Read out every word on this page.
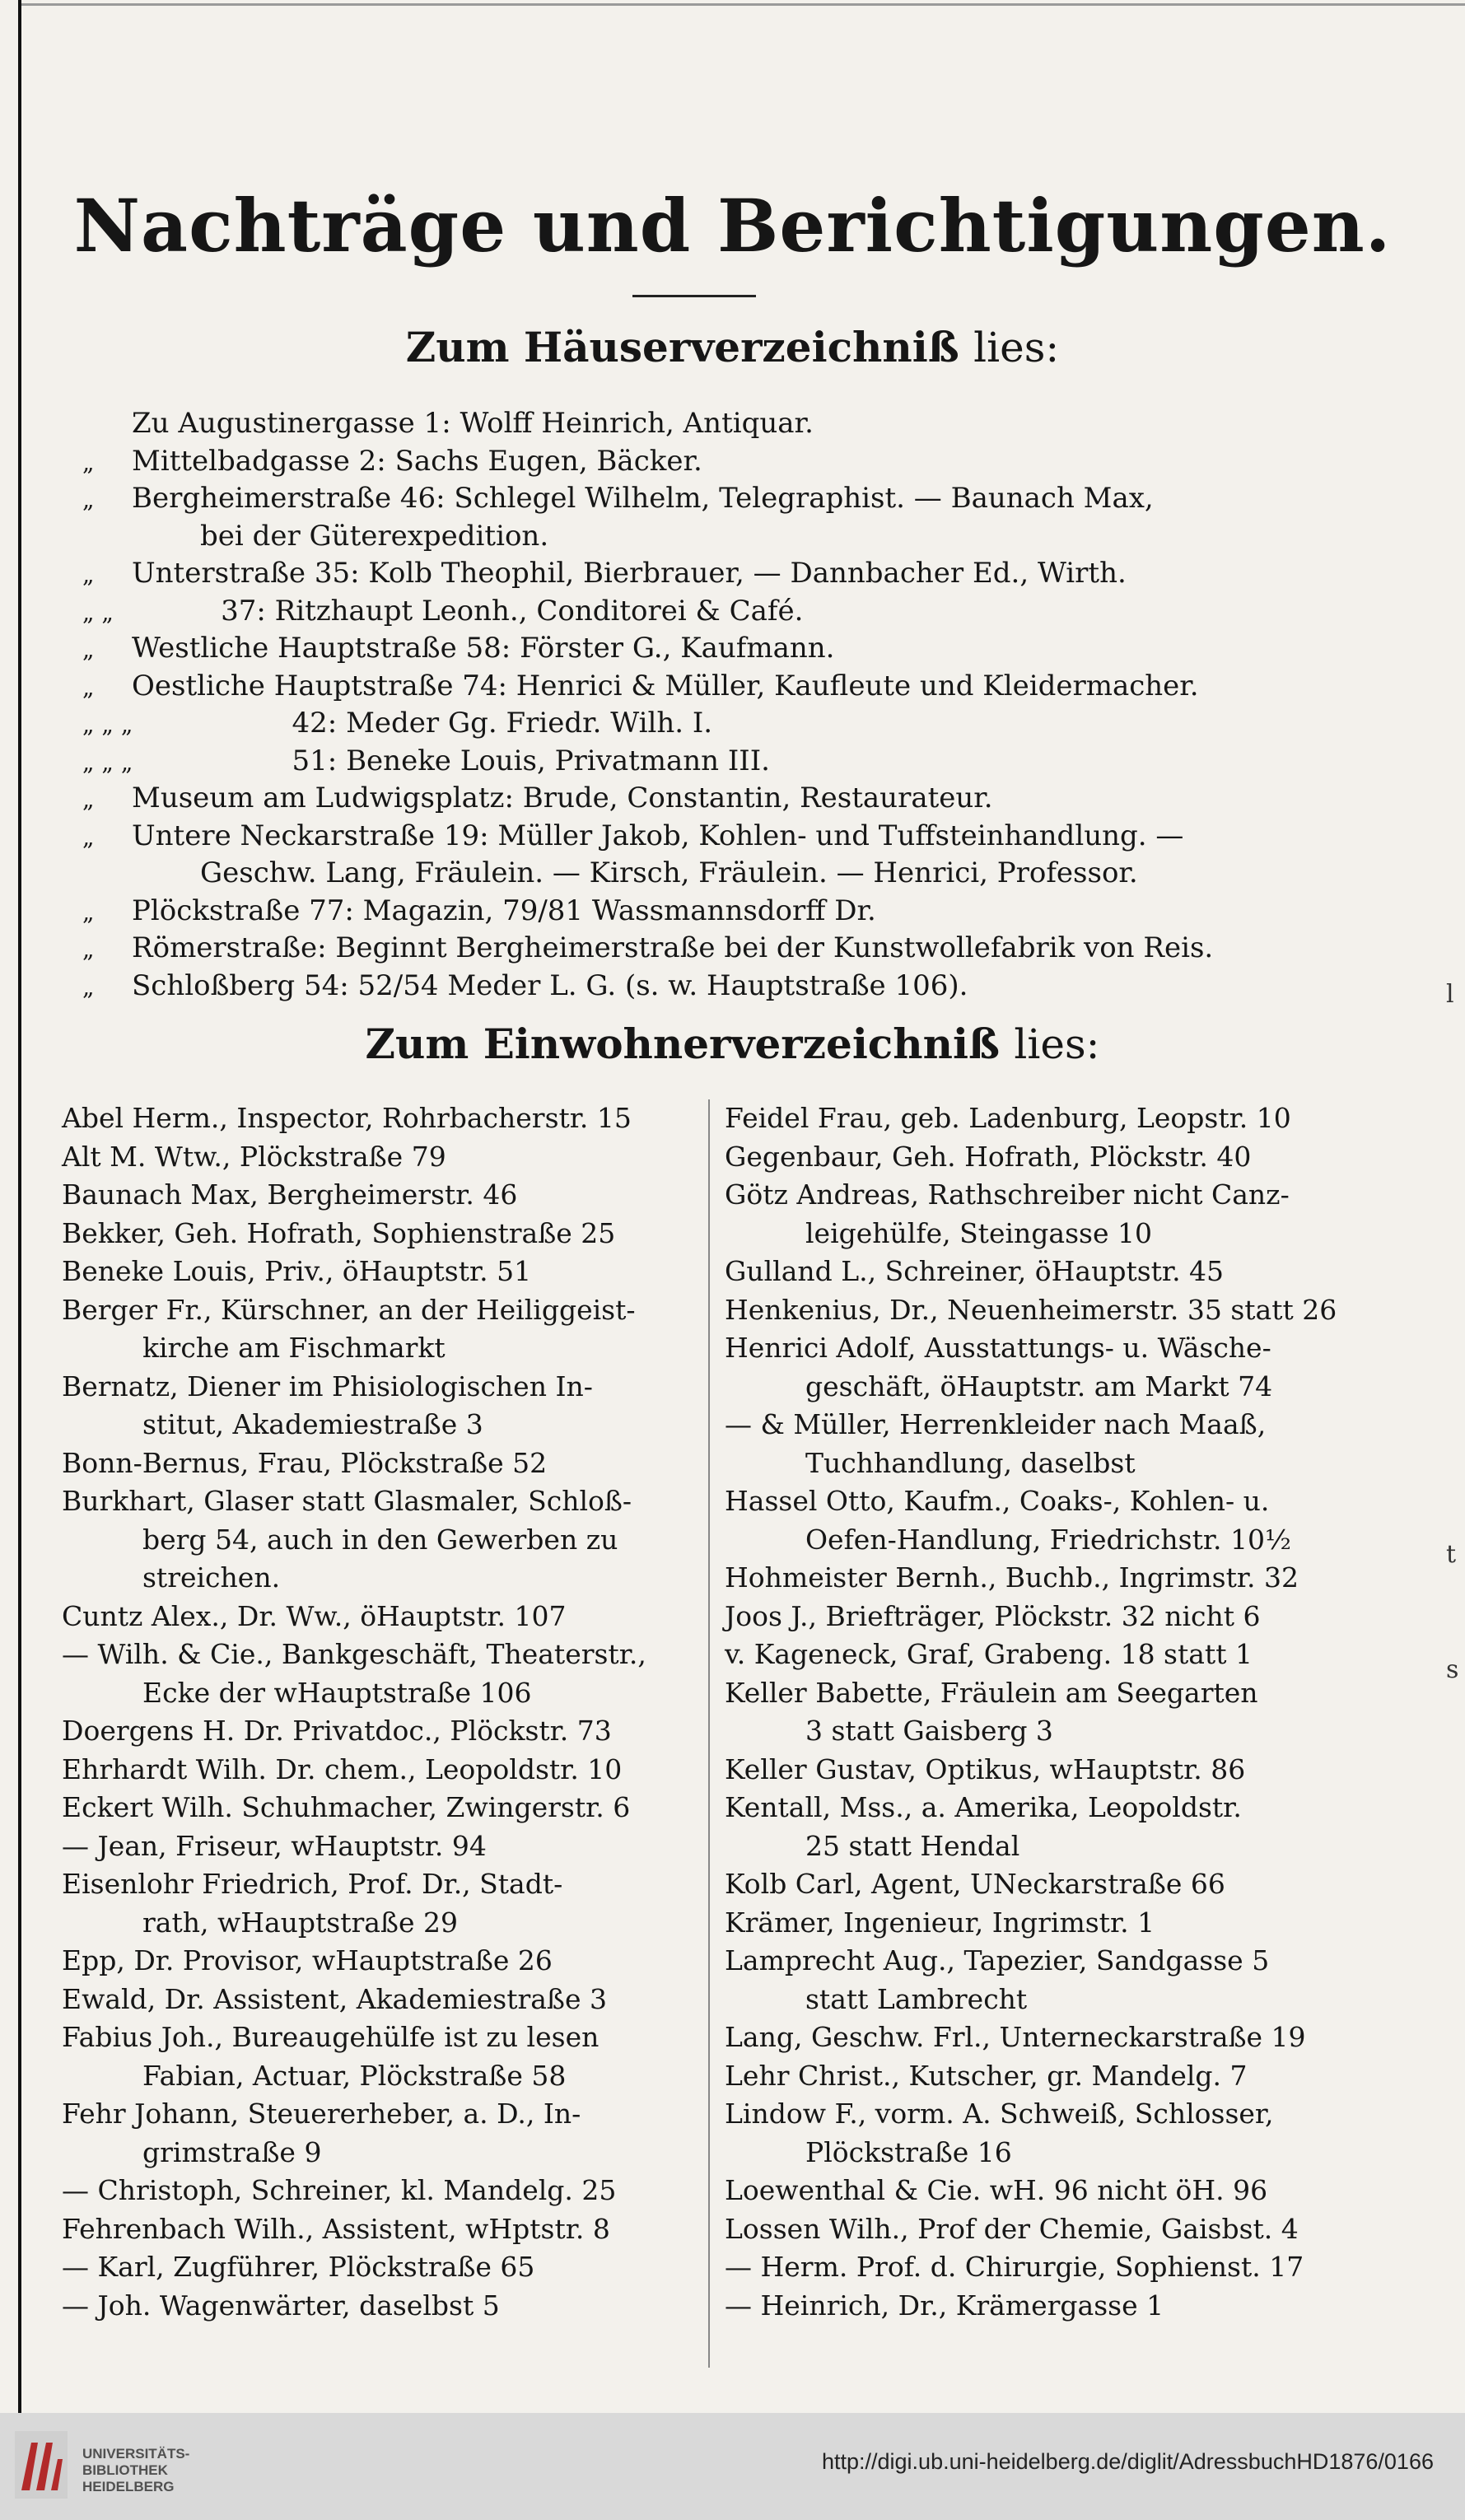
Nachträge und Berichtigungen.
Zum Häuserverzeichniß lies:
Zu Augustinergasse 1: Wolff Heinrich, Antiquar.
„ Mittelbadgasse 2: Sachs Eugen, Bäcker.
„ Bergheimerstraße 46: Schlegel Wilhelm, Telegraphist. — Baunach Max,
bei der Güterexpedition.
„ Unterstraße 35: Kolb Theophil, Bierbrauer, — Dannbacher Ed., Wirth.
„ „          37: Ritzhaupt Leonh., Conditorei & Café.
„ Westliche Hauptstraße 58: Förster G., Kaufmann.
„ Oestliche Hauptstraße 74: Henrici & Müller, Kaufleute und Kleidermacher.
„ „ „                  42: Meder Gg. Friedr. Wilh. I.
„ „ „                  51: Beneke Louis, Privatmann III.
„ Museum am Ludwigsplatz: Brude, Constantin, Restaurateur.
„ Untere Neckarstraße 19: Müller Jakob, Kohlen- und Tuffsteinhandlung. —
Geschw. Lang, Fräulein. — Kirsch, Fräulein. — Henrici, Professor.
„ Plöckstraße 77: Magazin, 79/81 Wassmannsdorff Dr.
„ Römerstraße: Beginnt Bergheimerstraße bei der Kunstwollefabrik von Reis.
„ Schloßberg 54: 52/54 Meder L. G. (s. w. Hauptstraße 106).
Zum Einwohnerverzeichniß lies:
Abel Herm., Inspector, Rohrbacherstr. 15
Alt M. Wtw., Plöckstraße 79
Baunach Max, Bergheimerstr. 46
Bekker, Geh. Hofrath, Sophienstraße 25
Beneke Louis, Priv., öHauptstr. 51
Berger Fr., Kürschner, an der Heiliggeist-
kirche am Fischmarkt
Bernatz, Diener im Phisiologischen In-
stitut, Akademiestraße 3
Bonn-Bernus, Frau, Plöckstraße 52
Burkhart, Glaser statt Glasmaler, Schloß-
berg 54, auch in den Gewerben zu
streichen.
Cuntz Alex., Dr. Ww., öHauptstr. 107
— Wilh. & Cie., Bankgeschäft, Theaterstr.,
Ecke der wHauptstraße 106
Doergens H. Dr. Privatdoc., Plöckstr. 73
Ehrhardt Wilh. Dr. chem., Leopoldstr. 10
Eckert Wilh. Schuhmacher, Zwingerstr. 6
— Jean, Friseur, wHauptstr. 94
Eisenlohr Friedrich, Prof. Dr., Stadt-
rath, wHauptstraße 29
Epp, Dr. Provisor, wHauptstraße 26
Ewald, Dr. Assistent, Akademiestraße 3
Fabius Joh., Bureaugehülfe ist zu lesen
Fabian, Actuar, Plöckstraße 58
Fehr Johann, Steuererheber, a. D., In-
grimstraße 9
— Christoph, Schreiner, kl. Mandelg. 25
Fehrenbach Wilh., Assistent, wHptstr. 8
— Karl, Zugführer, Plöckstraße 65
— Joh. Wagenwärter, daselbst 5
Feidel Frau, geb. Ladenburg, Leopstr. 10
Gegenbaur, Geh. Hofrath, Plöckstr. 40
Götz Andreas, Rathschreiber nicht Canz-
leigehülfe, Steingasse 10
Gulland L., Schreiner, öHauptstr. 45
Henkenius, Dr., Neuenheimerstr. 35 statt 26
Henrici Adolf, Ausstattungs- u. Wäsche-
geschäft, öHauptstr. am Markt 74
— & Müller, Herrenkleider nach Maaß,
Tuchhandlung, daselbst
Hassel Otto, Kaufm., Coaks-, Kohlen- u.
Oefen-Handlung, Friedrichstr. 10½
Hohmeister Bernh., Buchb., Ingrimstr. 32
Joos J., Briefträger, Plöckstr. 32 nicht 6
v. Kageneck, Graf, Grabeng. 18 statt 1
Keller Babette, Fräulein am Seegarten
3 statt Gaisberg 3
Keller Gustav, Optikus, wHauptstr. 86
Kentall, Mss., a. Amerika, Leopoldstr.
25 statt Hendal
Kolb Carl, Agent, UNeckarstraße 66
Krämer, Ingenieur, Ingrimstr. 1
Lamprecht Aug., Tapezier, Sandgasse 5
statt Lambrecht
Lang, Geschw. Frl., Unterneckarstraße 19
Lehr Christ., Kutscher, gr. Mandelg. 7
Lindow F., vorm. A. Schweiß, Schlosser,
Plöckstraße 16
Loewenthal & Cie. wH. 96 nicht öH. 96
Lossen Wilh., Prof der Chemie, Gaisbst. 4
— Herm. Prof. d. Chirurgie, Sophienst. 17
— Heinrich, Dr., Krämergasse 1
l
t
s
UNIVERSITÄTS-
BIBLIOTHEK
HEIDELBERG
http://digi.ub.uni-heidelberg.de/diglit/AdressbuchHD1876/0166
